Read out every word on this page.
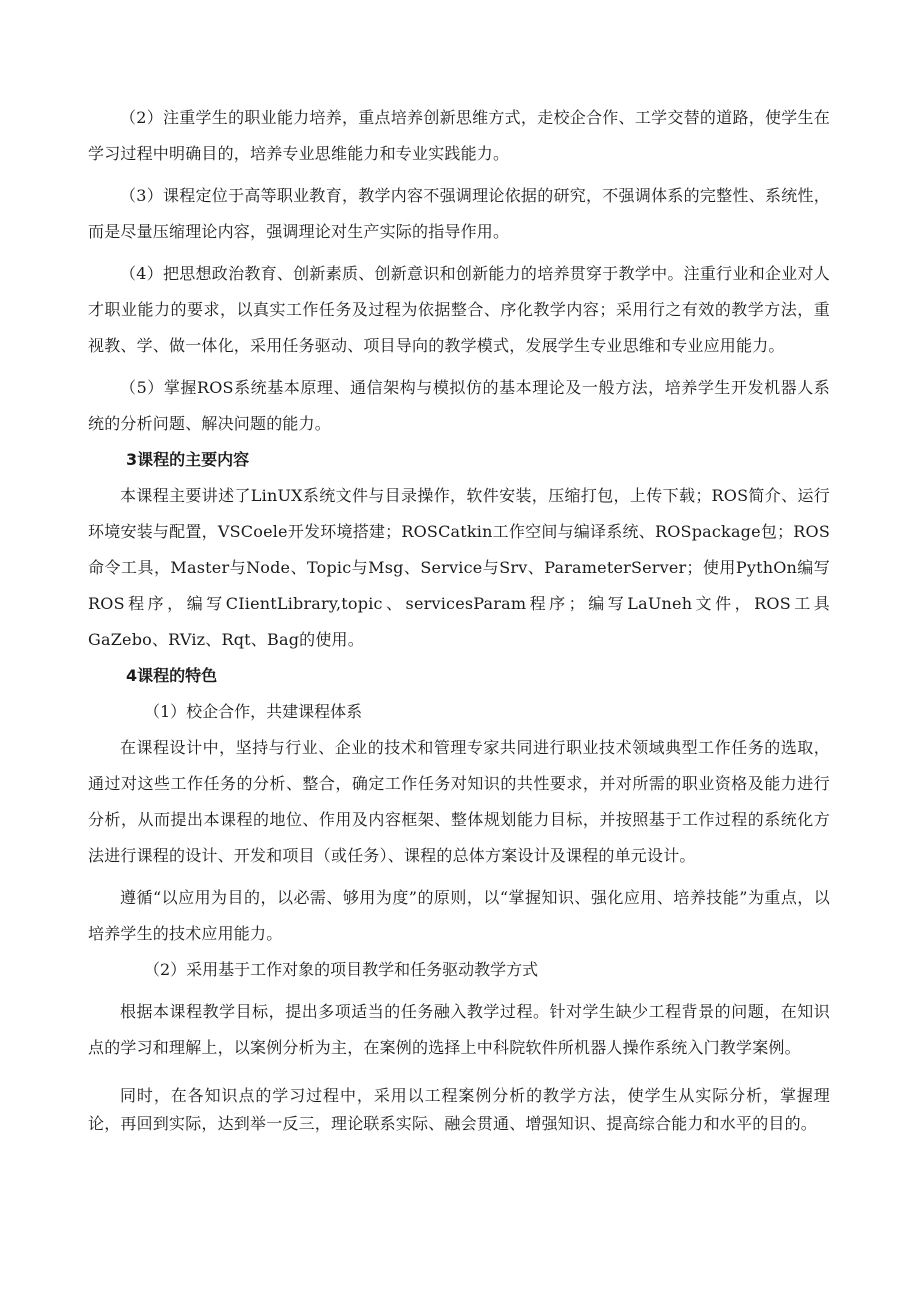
（2）注重学生的职业能力培养，重点培养创新思维方式，走校企合作、工学交替的道路，使学生在学习过程中明确目的，培养专业思维能力和专业实践能力。

（3）课程定位于高等职业教育，教学内容不强调理论依据的研究，不强调体系的完整性、系统性，而是尽量压缩理论内容，强调理论对生产实际的指导作用。

（4）把思想政治教育、创新素质、创新意识和创新能力的培养贯穿于教学中。注重行业和企业对人才职业能力的要求，以真实工作任务及过程为依据整合、序化教学内容；采用行之有效的教学方法，重视教、学、做一体化，采用任务驱动、项目导向的教学模式，发展学生专业思维和专业应用能力。

（5）掌握ROS系统基本原理、通信架构与模拟仿的基本理论及一般方法，培养学生开发机器人系统的分析问题、解决问题的能力。

3课程的主要内容

本课程主要讲述了LinUX系统文件与目录操作，软件安装，压缩打包，上传下载；ROS简介、运行环境安装与配置，VSCoele开发环境搭建；ROSCatkin工作空间与编译系统、ROSpackage包；ROS命令工具，Master与Node、Topic与Msg、Service与Srv、ParameterServer；使用PythOn编写ROS程序，编写CIientLibrary,topic、servicesParam程序；编写LaUneh文件，ROS工具GaZebo、RViz、Rqt、Bag的使用。

4课程的特色

（1）校企合作，共建课程体系

在课程设计中，坚持与行业、企业的技术和管理专家共同进行职业技术领域典型工作任务的选取，通过对这些工作任务的分析、整合，确定工作任务对知识的共性要求，并对所需的职业资格及能力进行分析，从而提出本课程的地位、作用及内容框架、整体规划能力目标，并按照基于工作过程的系统化方法进行课程的设计、开发和项目（或任务）、课程的总体方案设计及课程的单元设计。

遵循“以应用为目的，以必需、够用为度”的原则，以“掌握知识、强化应用、培养技能”为重点，以培养学生的技术应用能力。

（2）采用基于工作对象的项目教学和任务驱动教学方式

根据本课程教学目标，提出多项适当的任务融入教学过程。针对学生缺少工程背景的问题，在知识点的学习和理解上，以案例分析为主，在案例的选择上中科院软件所机器人操作系统入门教学案例。

同时，在各知识点的学习过程中，采用以工程案例分析的教学方法，使学生从实际分析，掌握理论，再回到实际，达到举一反三，理论联系实际、融会贯通、增强知识、提高综合能力和水平的目的。
